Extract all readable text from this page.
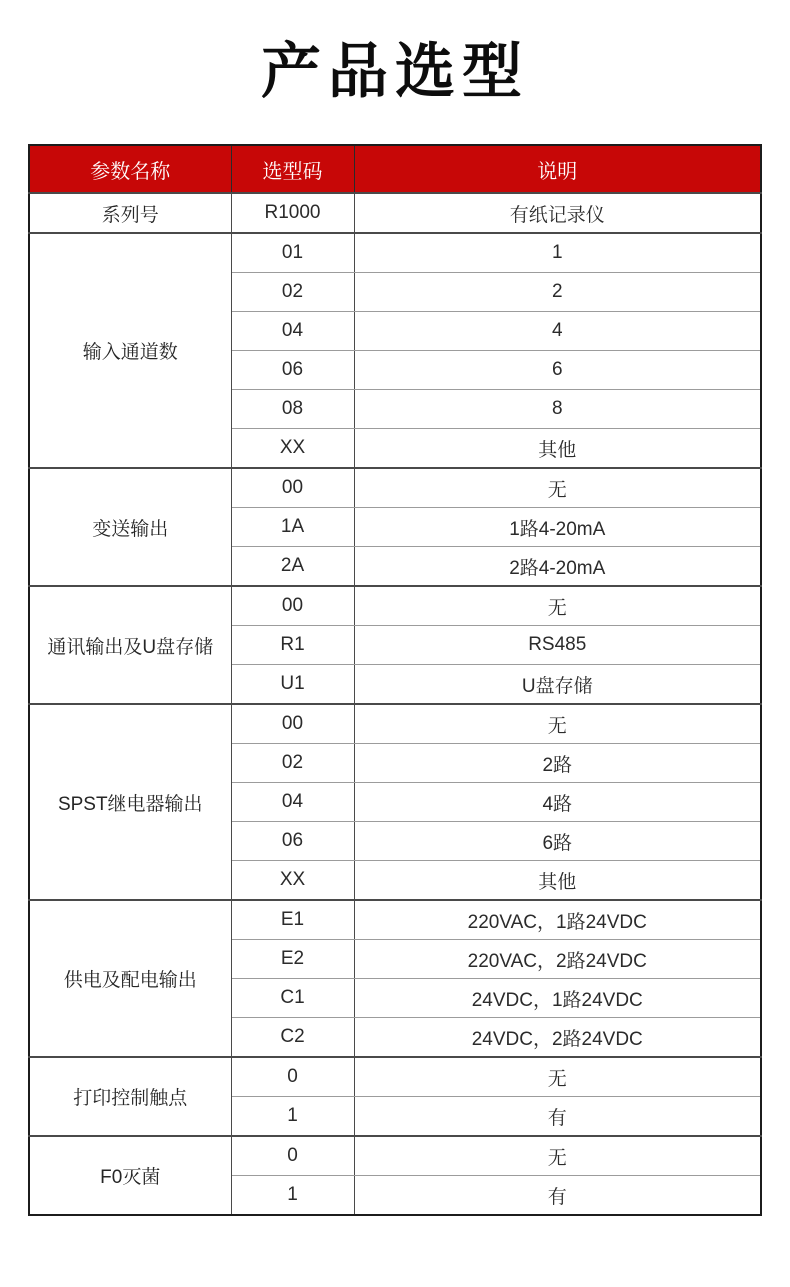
产品选型
参数名称	选型码	说明
系列号	R1000	有纸记录仪
输入通道数	01	1
	02	2
	04	4
	06	6
	08	8
	XX	其他
变送输出	00	无
	1A	1路4-20mA
	2A	2路4-20mA
通讯输出及U盘存储	00	无
	R1	RS485
	U1	U盘存储
SPST继电器输出	00	无
	02	2路
	04	4路
	06	6路
	XX	其他
供电及配电输出	E1	220VAC，1路24VDC
	E2	220VAC，2路24VDC
	C1	24VDC，1路24VDC
	C2	24VDC，2路24VDC
打印控制触点	0	无
	1	有
F0灭菌	0	无
	1	有
